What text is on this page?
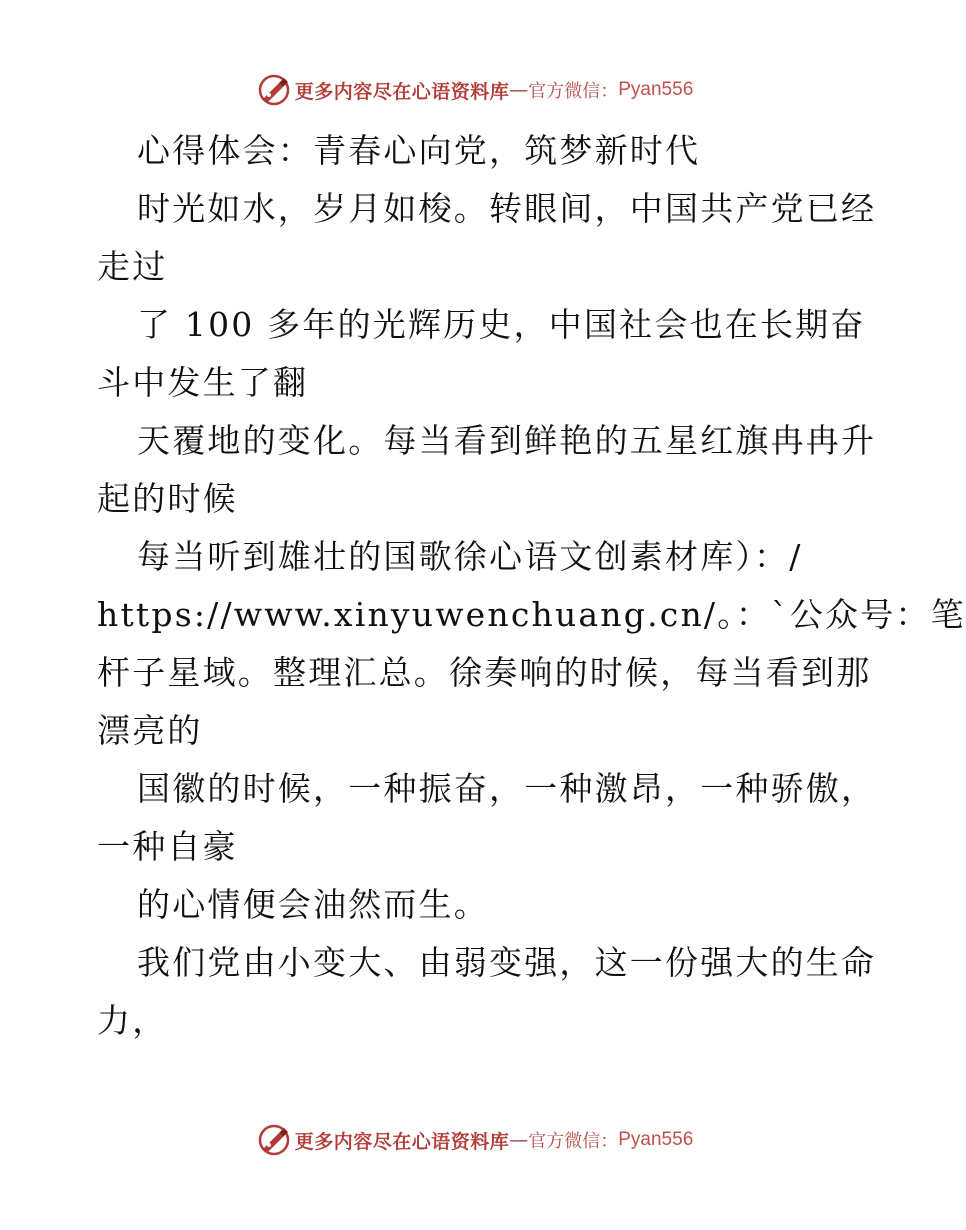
更多内容尽在心语资料库 — 官方微信： Pyan556
心得体会：青春心向党，筑梦新时代
时光如水，岁月如梭。转眼间，中国共产党已经
走过
了 100 多年的光辉历史，中国社会也在长期奋
斗中发生了翻
天覆地的变化。每当看到鲜艳的五星红旗冉冉升
起的时候
每当听到雄壮的国歌徐心语文创素材库）：/
https://www.xinyuwenchuang.cn/。：`公众号：笔
杆子星域。整理汇总。徐奏响的时候，每当看到那
漂亮的
国徽的时候，一种振奋，一种激昂，一种骄傲，
一种自豪
的心情便会油然而生。
我们党由小变大、由弱变强，这一份强大的生命
力，
更多内容尽在心语资料库 — 官方微信： Pyan556
